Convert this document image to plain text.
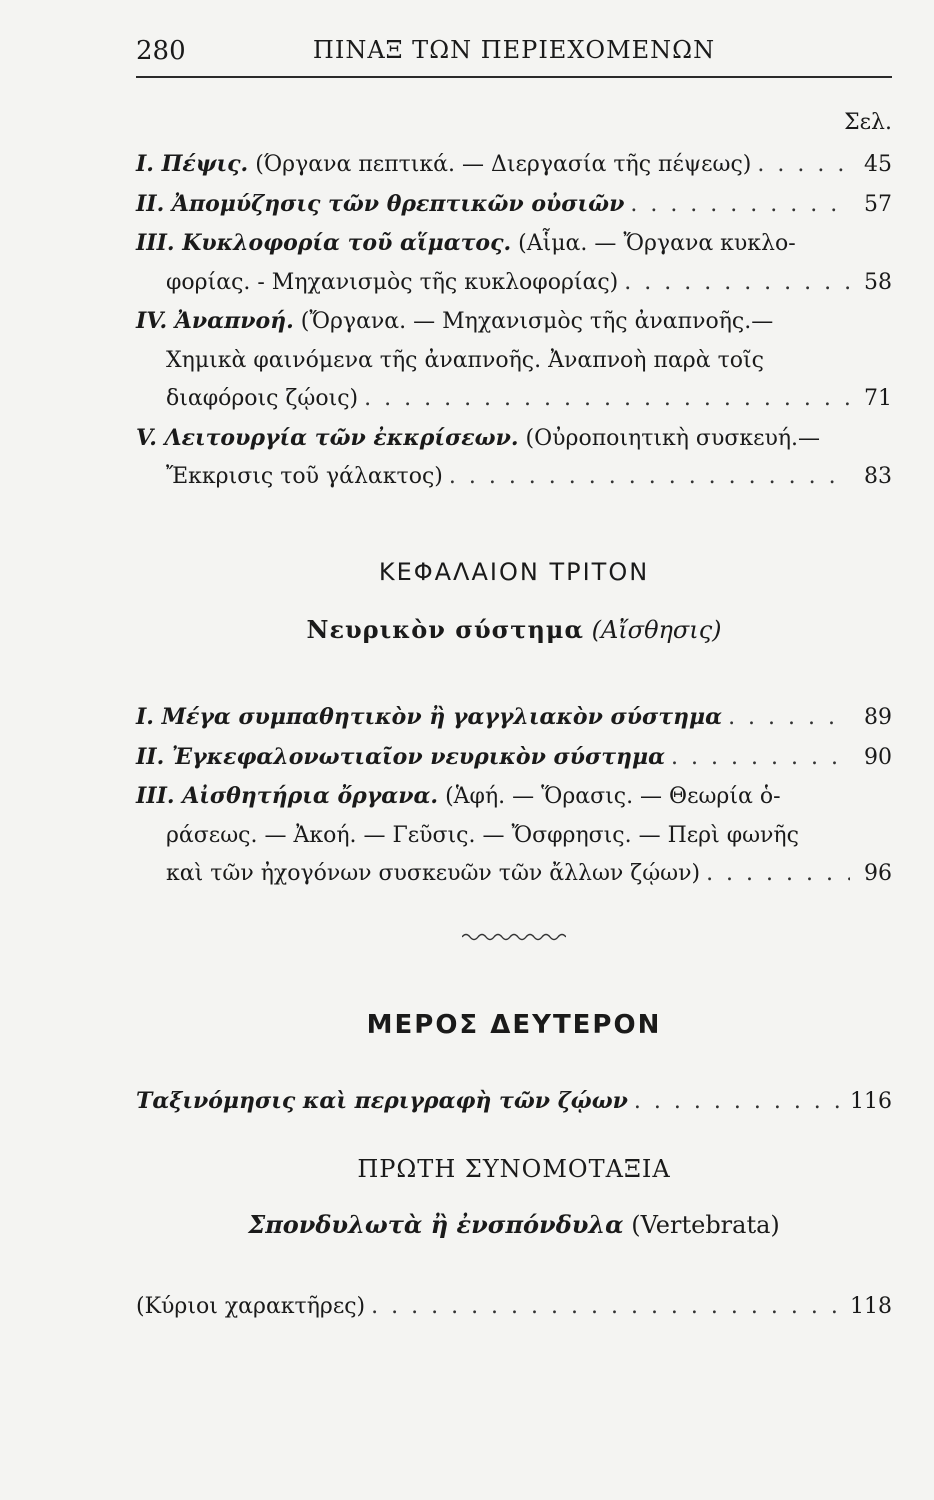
280	ΠΙΝΑΞ ΤΩΝ ΠΕΡΙΕΧΟΜΕΝΩΝ
Σελ.
I. Πέψις.
(Όργανα πεπτικά. — Διεργασία τῆς πέψεως) . . .	45
II. Ἀπομύζησις τῶν θρεπτικῶν οὐσιῶν . . .	57
III. Κυκλοφορία τοῦ αἵματος.
(Αἷμα. — Ὄργανα κυκλο-
φορίας. - Μηχανισμὸς τῆς κυκλοφορίας) . . .	58
IV. Ἀναπνοή.
(Ὄργανα. — Μηχανισμὸς τῆς ἀναπνοῆς.—
Χημικὰ φαινόμενα τῆς ἀναπνοῆς. Ἀναπνοὴ παρὰ τοῖς
διαφόροις ζῴοις) . . .	71
V. Λειτουργία τῶν ἐκκρίσεων.
(Οὐροποιητικὴ συσκευή.—
Ἔκκρισις τοῦ γάλακτος) . . .	83
ΚΕΦΑΛΑΙΟΝ ΤΡΙΤΟΝ
Νευρικὸν σύστημα (Αἴσθησις)
I. Μέγα συμπαθητικὸν ἢ γαγγλιακὸν σύστημα . . .	89
II. Ἐγκεφαλονωτιαῖον νευρικὸν σύστημα . . .	90
III. Αἰσθητήρια ὄργανα.
(Ἁφή. — Ὅρασις. — Θεωρία ὁ-
ράσεως. — Ἀκοή. — Γεῦσις. — Ὄσφρησις. — Περὶ φωνῆς
καὶ τῶν ἠχογόνων συσκευῶν τῶν ἄλλων ζῴων) . . .	96
ΜΕΡΟΣ ΔΕΥΤΕΡΟΝ
Ταξινόμησις καὶ περιγραφὴ τῶν ζῴων . . .	116
ΠΡΩΤΗ ΣΥΝΟΜΟΤΑΞΙΑ
Σπονδυλωτὰ ἢ ἐνσπόνδυλα (Vertebrata)
(Κύριοι χαρακτῆρες) . . .	118
